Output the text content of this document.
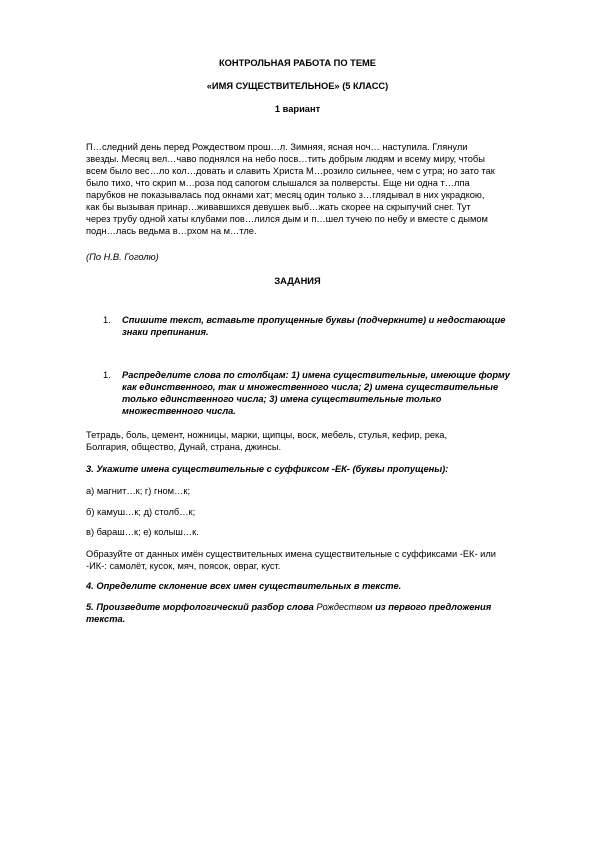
КОНТРОЛЬНАЯ РАБОТА ПО ТЕМЕ

«ИМЯ СУЩЕСТВИТЕЛЬНОЕ» (5 КЛАСС)

1 вариант

П…следний день перед Рождеством прош…л. Зимняя, ясная ноч… наступила. Глянули

звезды. Месяц вел…чаво поднялся на небо посв…тить добрым людям и всему миру, чтобы

всем было вес…ло кол…довать и славить Христа М…розило сильнее, чем с утра; но зато так

было тихо, что скрип м…роза под сапогом слышался за полверсты. Еще ни одна т…лпа

парубков не показывалась под окнами хат; месяц один только з…глядывал в них украдкою,

как бы вызывая принар…живавшихся девушек выб…жать скорее на скрыпучий снег. Тут

через трубу одной хаты клубами пов…лился дым и п…шел тучею по небу и вместе с дымом

подн…лась ведьма в…рхом на м…тле.

(По Н.В. Гоголю)

ЗАДАНИЯ

1. Спишите текст, вставьте пропущенные буквы (подчеркните) и недостающие

знаки препинания.

1. Распределите слова по столбцам: 1) имена существительные, имеющие форму

как единственного, так и множественного числа; 2) имена существительные

только единственного числа; 3) имена существительные только

множественного числа.

Тетрадь, боль, цемент, ножницы, марки, щипцы, воск, мебель, стулья, кефир, река,

Болгария, общество, Дунай, страна, джинсы.

3. Укажите имена существительные с суффиксом -ЕК- (буквы пропущены):

а) магнит…к; г) гном…к;

б) камуш…к; д) столб…к;

в) бараш…к; е) колыш…к.

Образуйте от данных имён существительных имена существительные с суффиксами -ЕК- или

-ИК-: самолёт, кусок, мяч, поясок, овраг, куст.

4. Определите склонение всех имен существительных в тексте.

5. Произведите морфологический разбор слова Рождеством из первого предложения

текста.
